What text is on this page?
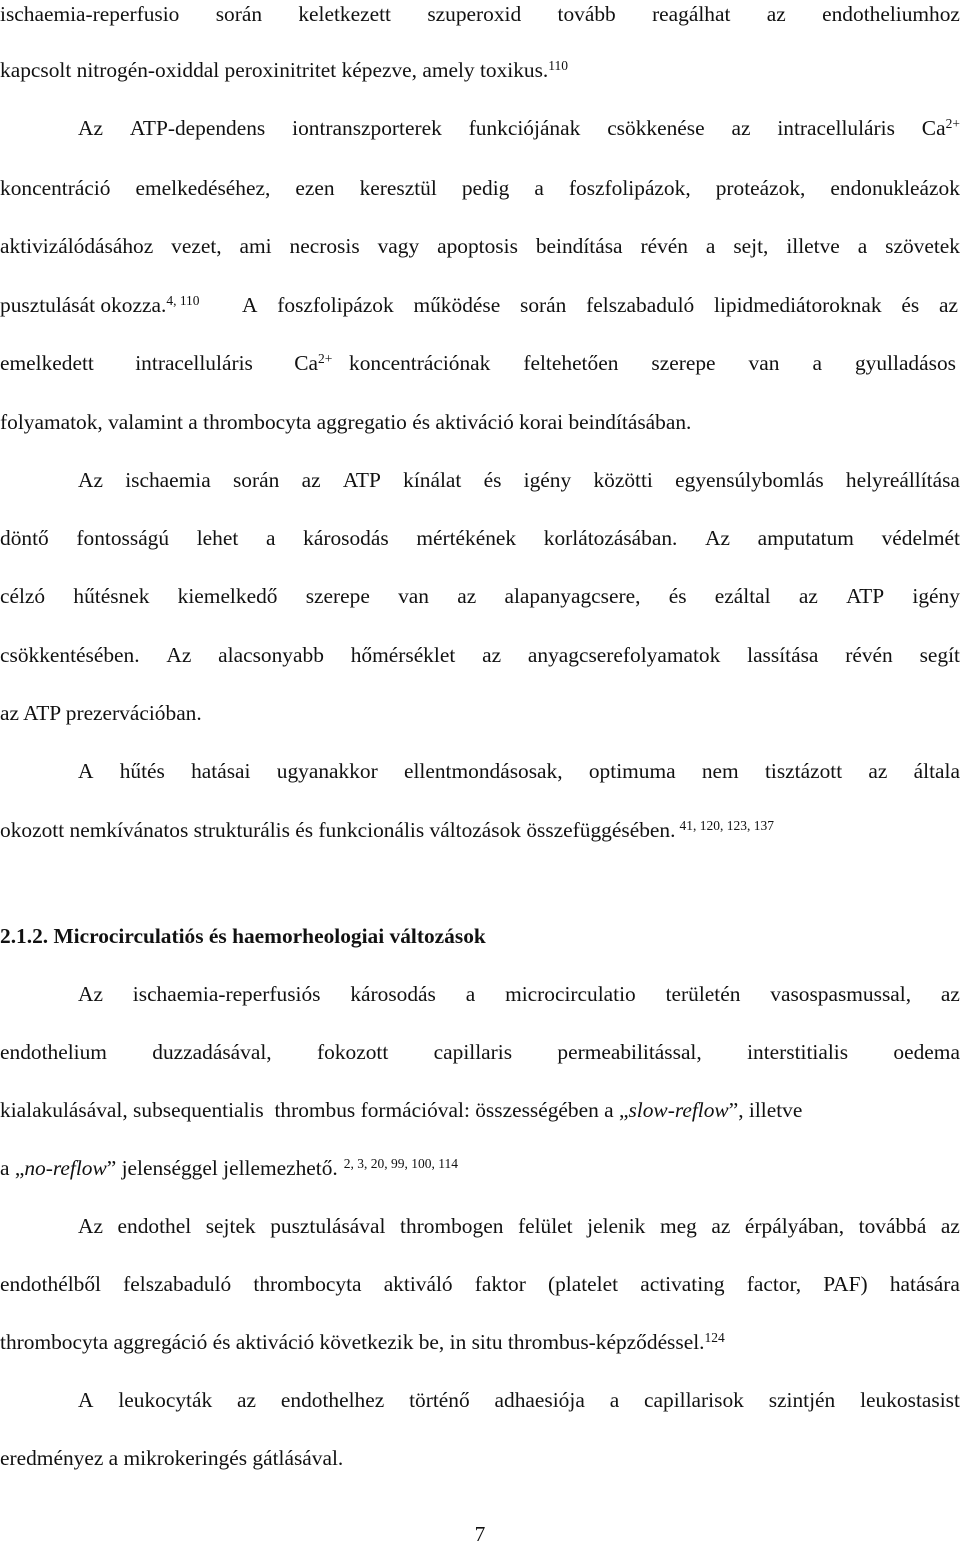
ischaemia-reperfusio során keletkezett szuperoxid tovább reagálhat az endotheliumhoz
kapcsolt nitrogén-oxiddal peroxinitritet képezve, amely toxikus.$^{110}$
Az ATP-dependens iontranszporterek funkciójának csökkenése az intracelluláris $Ca^{2+}$
koncentráció emelkedéséhez, ezen keresztül pedig a foszfolipázok, proteázok, endonukleázok
aktivizálódásához vezet, ami necrosis vagy apoptosis beindítása révén a sejt, illetve a szövetek
pusztulását okozza.$^{4, 110}$	A foszfolipázok működése során felszabaduló lipidmediátoroknak és az
emelkedett intracelluláris Ca $^{2+}$ koncentrációnak feltehetően szerepe van a gyulladásos
folyamatok, valamint a thrombocyta aggregatio és aktiváció korai beindításában.
Az ischaemia során az ATP kínálat és igény közötti egyensúlybomlás helyreállítása
döntő fontosságú lehet a károsodás mértékének korlátozásában. Az amputatum védelmét
célzó hűtésnek kiemelkedő szerepe van az alapanyagcsere, és ezáltal az ATP igény
csökkentésében. Az alacsonyabb hőmérséklet az anyagcserefolyamatok lassítása révén segít
az ATP prezervációban.
A hűtés hatásai ugyanakkor ellentmondásosak, optimuma nem tisztázott az általa
okozott nemkívánatos strukturális és funkcionális változások összefüggésében. $^{41, 120, 123, 137}$
2.1.2. Microcirculatiós és haemorheologiai változások
Az ischaemia-reperfusiós károsodás a microcirculatio területén vasospasmussal, az
endothelium duzzadásával, fokozott capillaris permeabilitással, interstitialis oedema
kialakulásával, subsequentialis  thrombus formációval: összességében a „slow-reflow”, illetve
a „no-reflow” jelenséggel jellemezhető. $^{2, 3, 20, 99, 100, 114}$
Az endothel sejtek pusztulásával thrombogen felület jelenik meg az érpályában, továbbá az
endothélből felszabaduló thrombocyta aktiváló faktor (platelet activating factor, PAF) hatására
thrombocyta aggregáció és aktiváció következik be, in situ thrombus-képződéssel.$^{124}$
A leukocyták az endothelhez történő adhaesiója a capillarisok szintjén leukostasist
eredményez a mikrokeringés gátlásával.
7
